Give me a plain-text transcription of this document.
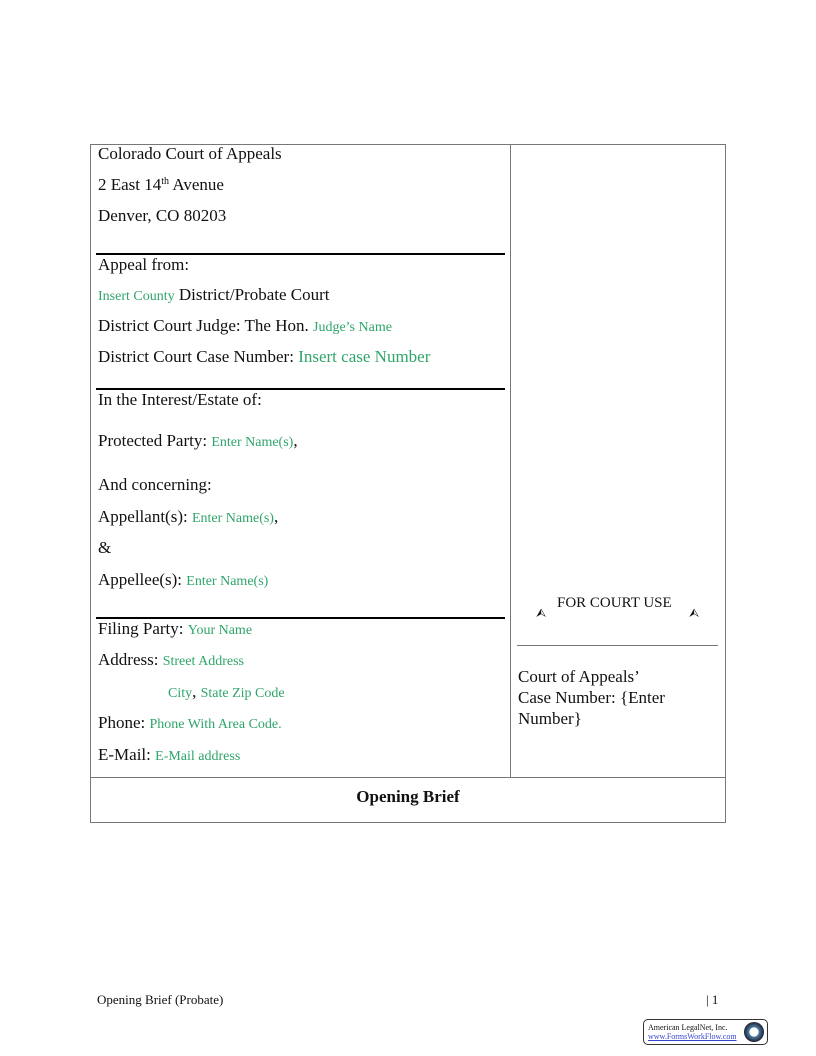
Colorado Court of Appeals
2 East 14th Avenue
Denver, CO 80203
Appeal from:
Insert County District/Probate Court
District Court Judge: The Hon. Judge’s Name
District Court Case Number: Insert case Number
In the Interest/Estate of:
Protected Party: Enter Name(s),
And concerning:
Appellant(s): Enter Name(s),
&
Appellee(s): Enter Name(s)
Filing Party: Your Name
Address: Street Address
City, State Zip Code
Phone: Phone With Area Code.
E-Mail: E-Mail address
⮙
FOR COURT USE
⮙
Court of Appeals’
Case Number: {Enter
Number}
Opening Brief
Opening Brief (Probate)	| 1
American LegalNet, Inc.
www.FormsWorkFlow.com
